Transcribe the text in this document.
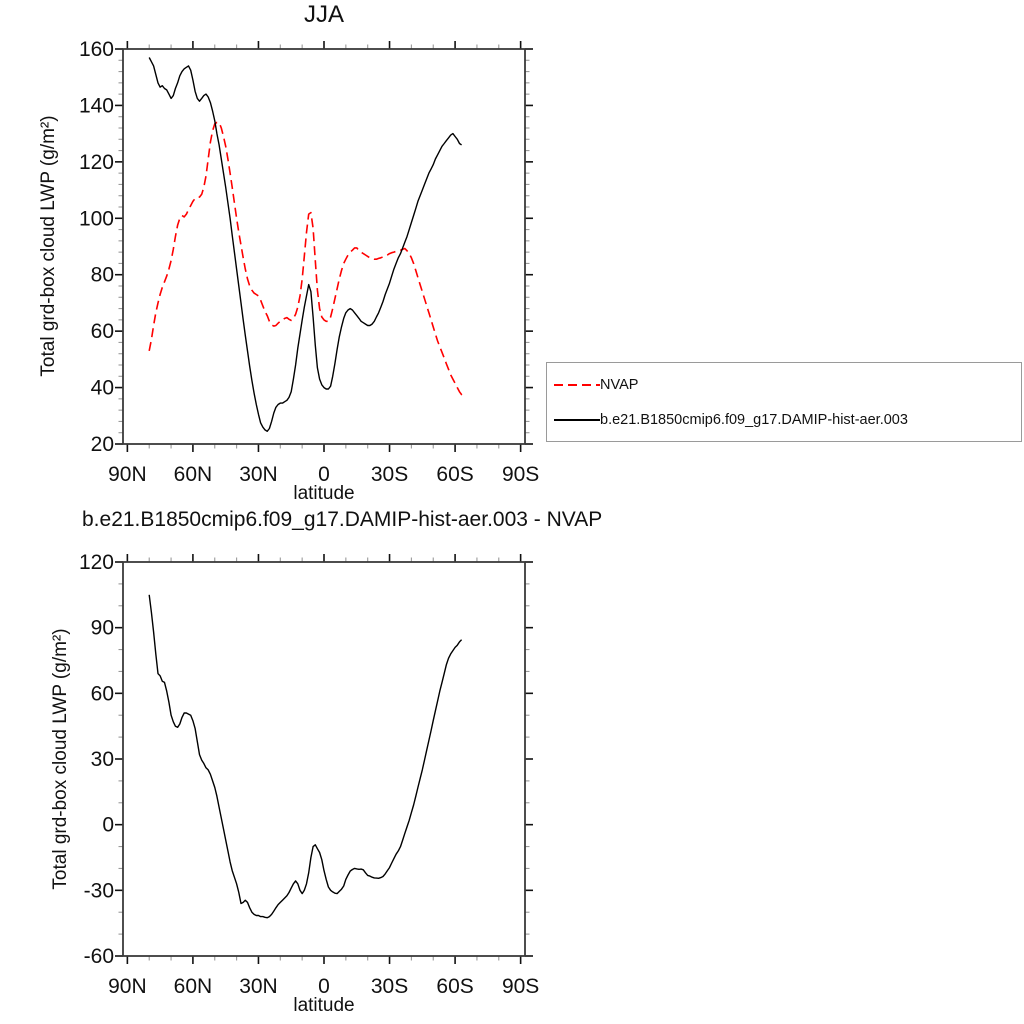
20
40
60
80
100
120
140
160
90N 60N 30N 0 30S 60S 90S
-60
-30
0
30
60
90
120
90N 60N 30N 0 30S 60S 90S
JJA
Total grd-box cloud LWP (g/m²)
latitude
b.e21.B1850cmip6.f09_g17.DAMIP-hist-aer.003 - NVAP
Total grd-box cloud LWP (g/m²)
latitude
NVAP
b.e21.B1850cmip6.f09_g17.DAMIP-hist-aer.003
